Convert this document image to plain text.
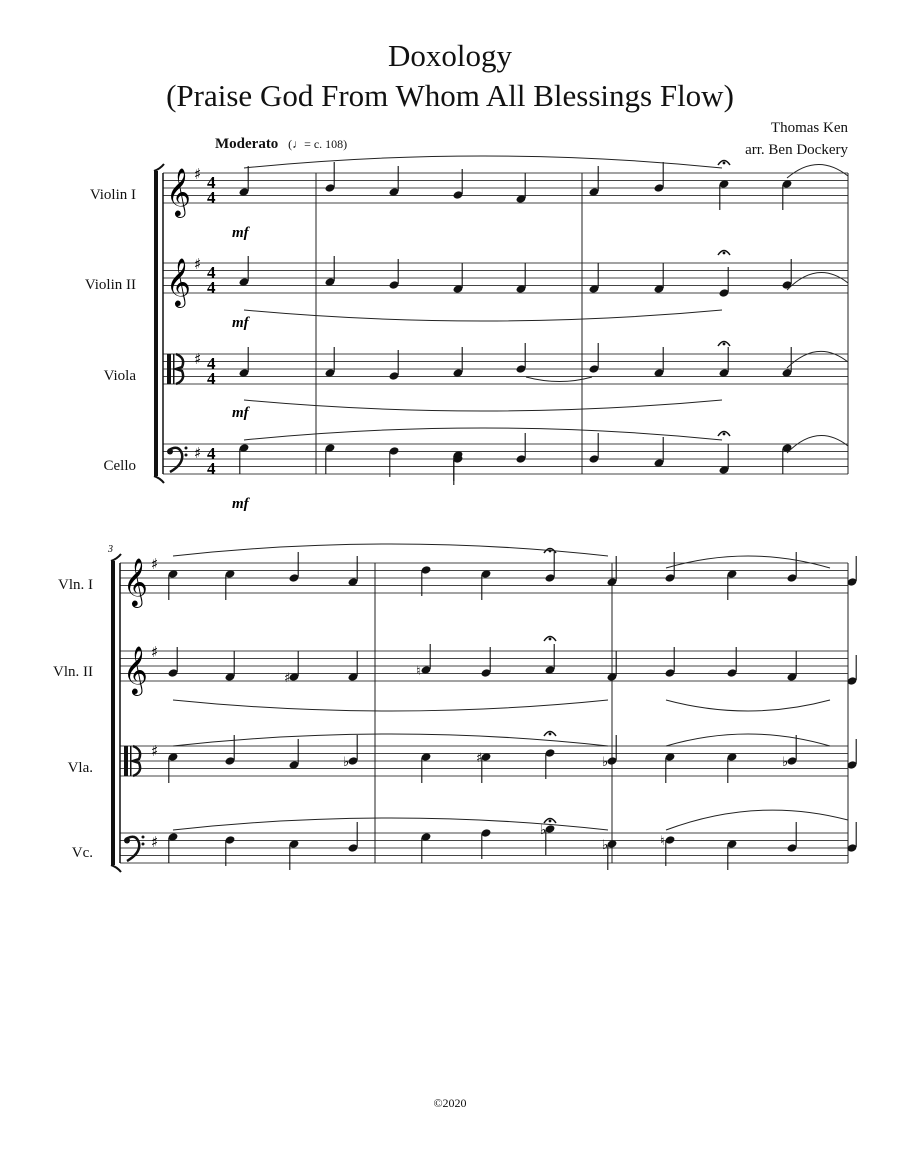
Doxology
(Praise God From Whom All Blessings Flow)
Thomas Ken
arr. Ben Dockery
Moderato (♩= c. 108)
Violin I
Violin II
Viola
Cello
Vln. I
Vln. II
Vla.
Vc.
𝄞 ♯ 4
4
𝄞 ♯ 4
4
♯ 4
4
♯ 4
4
𝄞 ♯
𝄞 ♯
♯
♯
♯	♮
♭	♯	♭	♭
♭
♭	♮
mf
mf
mf
mf
3
©2020
